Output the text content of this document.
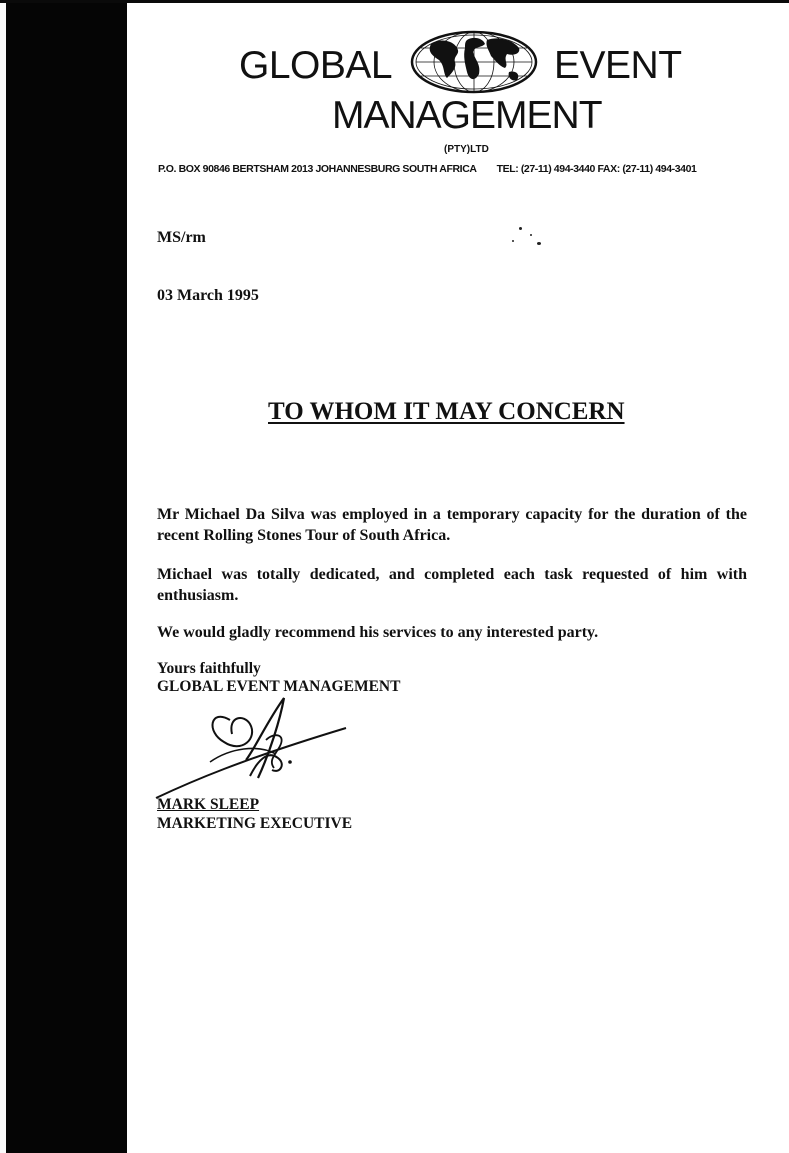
GLOBAL	EVENT
MANAGEMENT
(PTY)LTD
P.O. BOX 90846 BERTSHAM 2013 JOHANNESBURG SOUTH AFRICA TEL: (27-11) 494-3440 FAX: (27-11) 494-3401
MS/rm
03 March 1995
TO WHOM IT MAY CONCERN
Mr Michael Da Silva was employed in a temporary capacity for the duration of the recent Rolling Stones Tour of South Africa.
Michael was totally dedicated, and completed each task requested of him with enthusiasm.
We would gladly recommend his services to any interested party.
Yours faithfully
GLOBAL EVENT MANAGEMENT
MARK SLEEP
MARKETING EXECUTIVE
